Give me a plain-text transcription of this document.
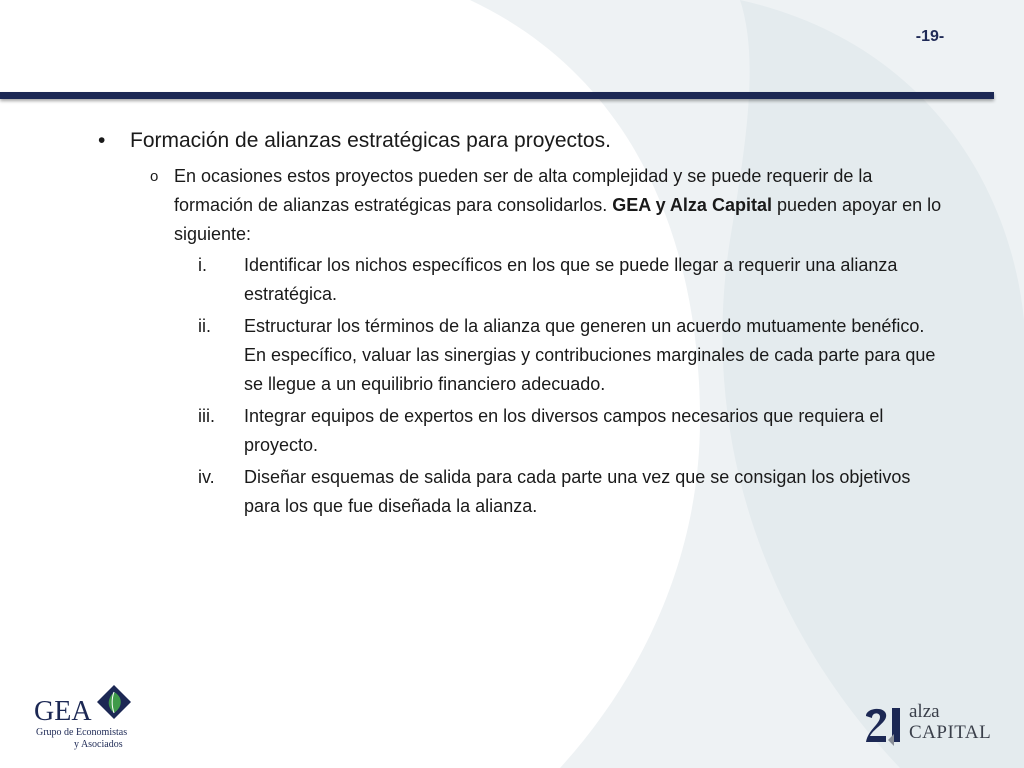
-19-
•	Formación de alianzas estratégicas para proyectos.
o En ocasiones estos proyectos pueden ser de alta complejidad y se puede requerir de la formación de alianzas estratégicas para consolidarlos. GEA y Alza Capital pueden apoyar en lo siguiente:
i.	Identificar los nichos específicos en los que se puede llegar a requerir una alianza estratégica.
ii.	Estructurar los términos de la alianza que generen un acuerdo mutuamente benéfico. En específico, valuar las sinergias y contribuciones marginales de cada parte para que se llegue a un equilibrio financiero adecuado.
iii.	Integrar equipos de expertos en los diversos campos necesarios que requiera el proyecto.
iv.	Diseñar esquemas de salida para cada parte una vez que se consigan los objetivos para los que fue diseñada la alianza.
GEA
Grupo de Economistas
y Asociados
alza
CAPITAL
